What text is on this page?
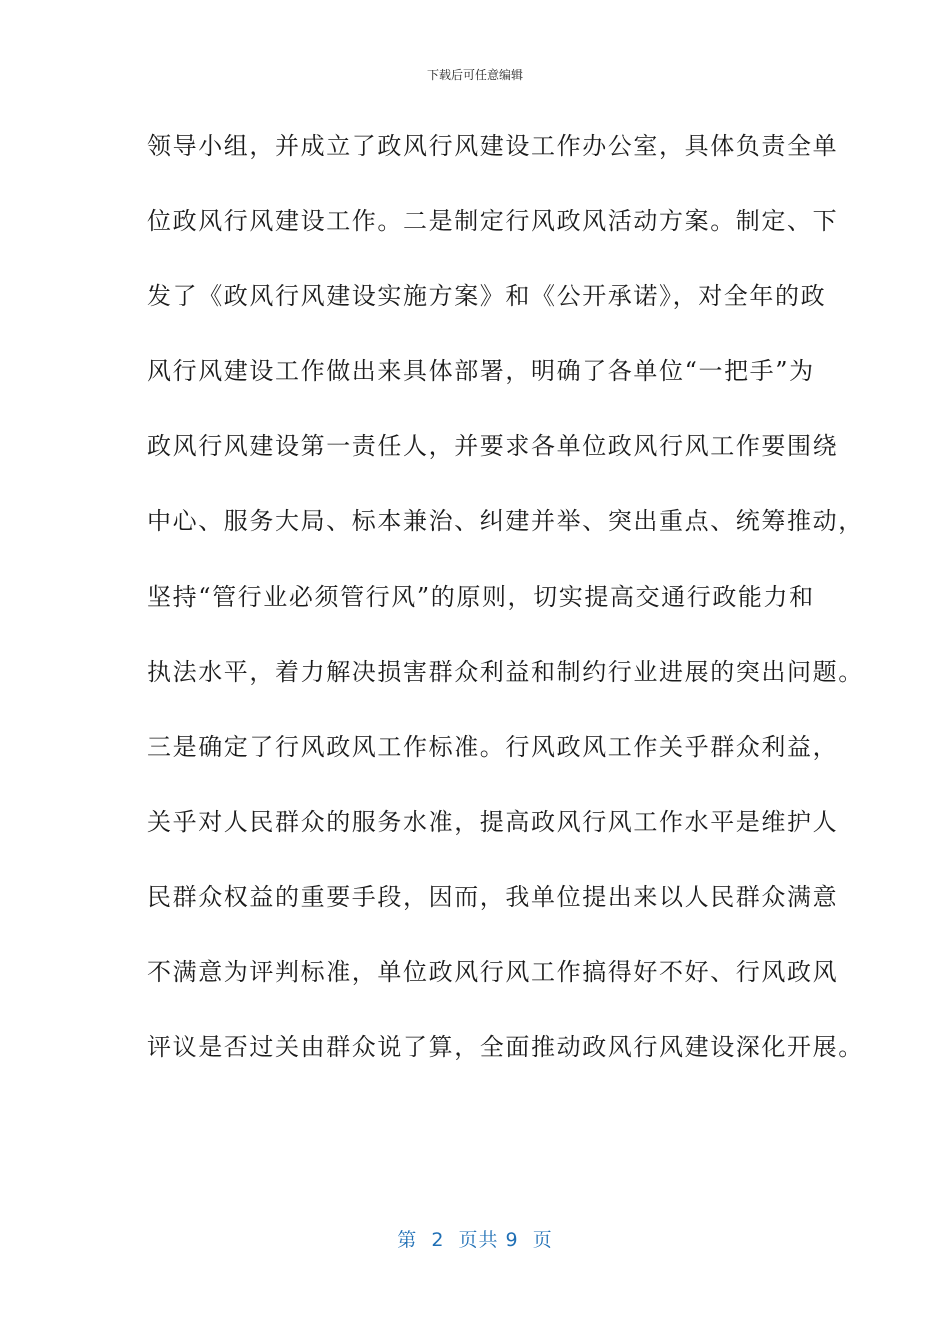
下载后可任意编辑
领导小组，并成立了政风行风建设工作办公室，具体负责全单
位政风行风建设工作。二是制定行风政风活动方案。制定、下
发了《政风行风建设实施方案》和《公开承诺》，对全年的政
风行风建设工作做出来具体部署，明确了各单位“一把手”为
政风行风建设第一责任人，并要求各单位政风行风工作要围绕
中心、服务大局、标本兼治、纠建并举、突出重点、统筹推动，
坚持“管行业必须管行风”的原则，切实提高交通行政能力和
执法水平，着力解决损害群众利益和制约行业进展的突出问题。
三是确定了行风政风工作标准。行风政风工作关乎群众利益，
关乎对人民群众的服务水准，提高政风行风工作水平是维护人
民群众权益的重要手段，因而，我单位提出来以人民群众满意
不满意为评判标准，单位政风行风工作搞得好不好、行风政风
评议是否过关由群众说了算，全面推动政风行风建设深化开展。
第  2  页共 9  页
